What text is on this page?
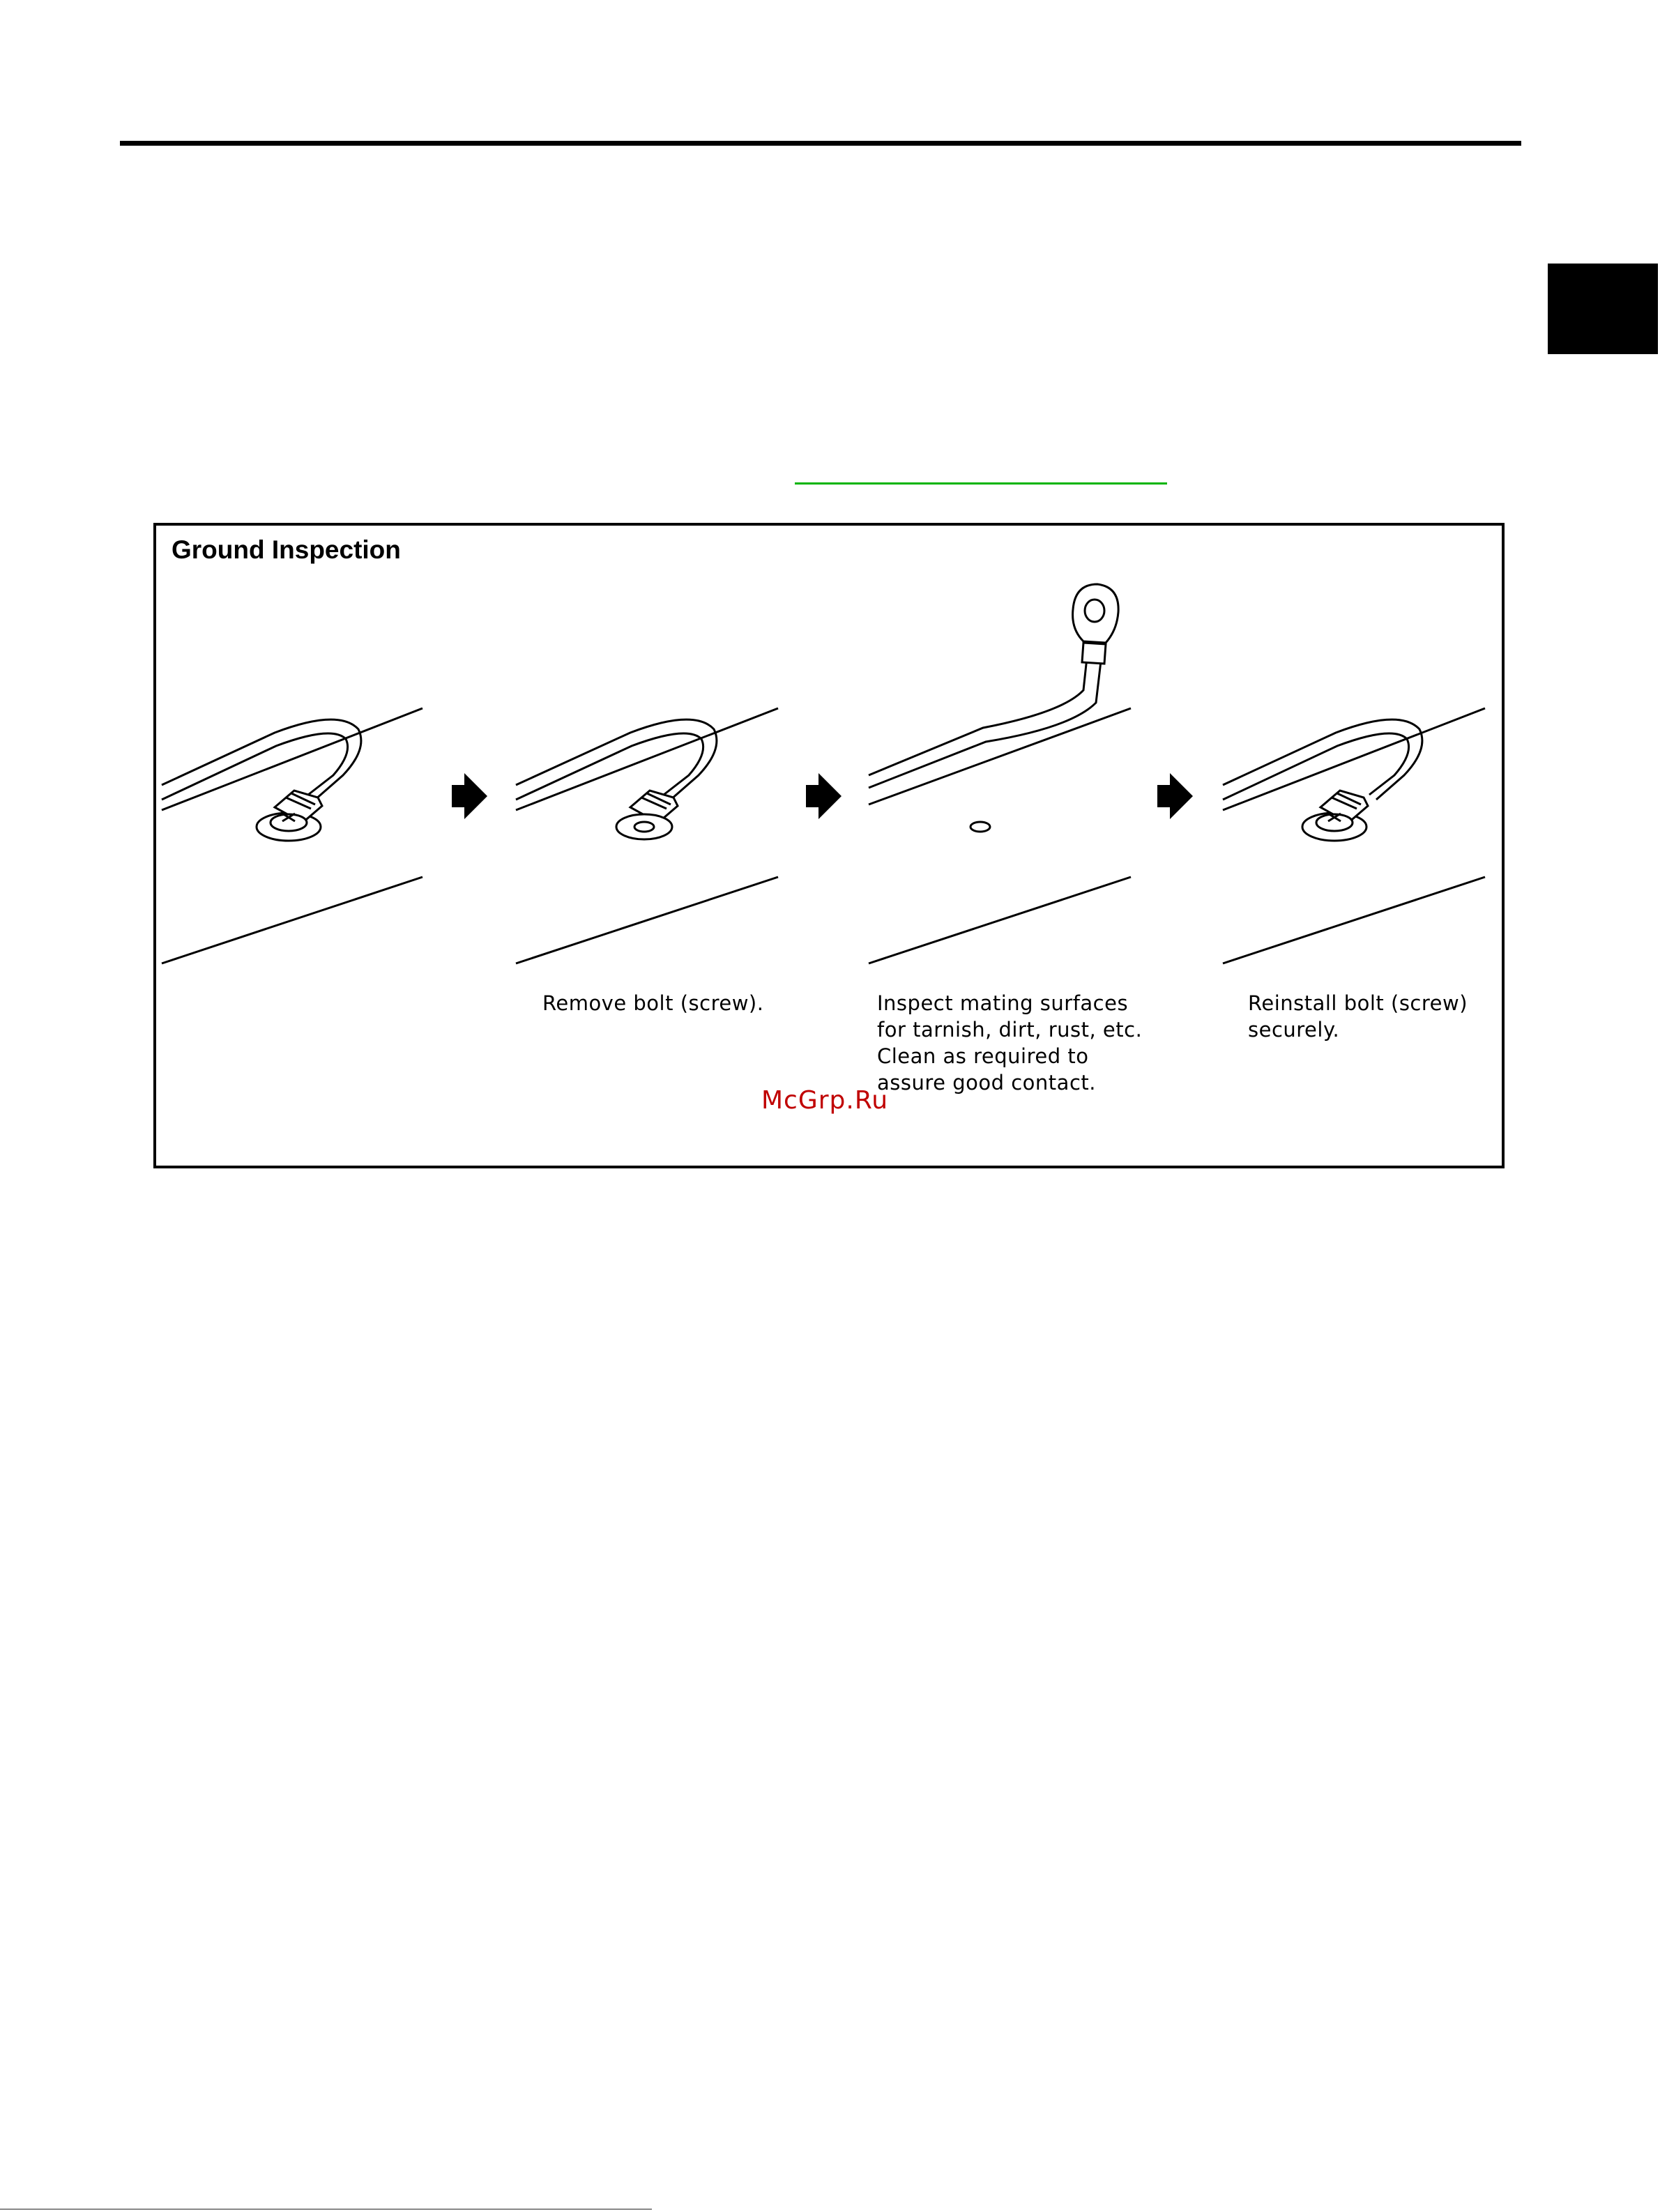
Ground Inspection
Remove bolt (screw).	Inspect mating surfaces
for tarnish, dirt, rust, etc.
Clean as required to
assure good contact.
Reinstall bolt (screw)
securely.
McGrp.Ru
